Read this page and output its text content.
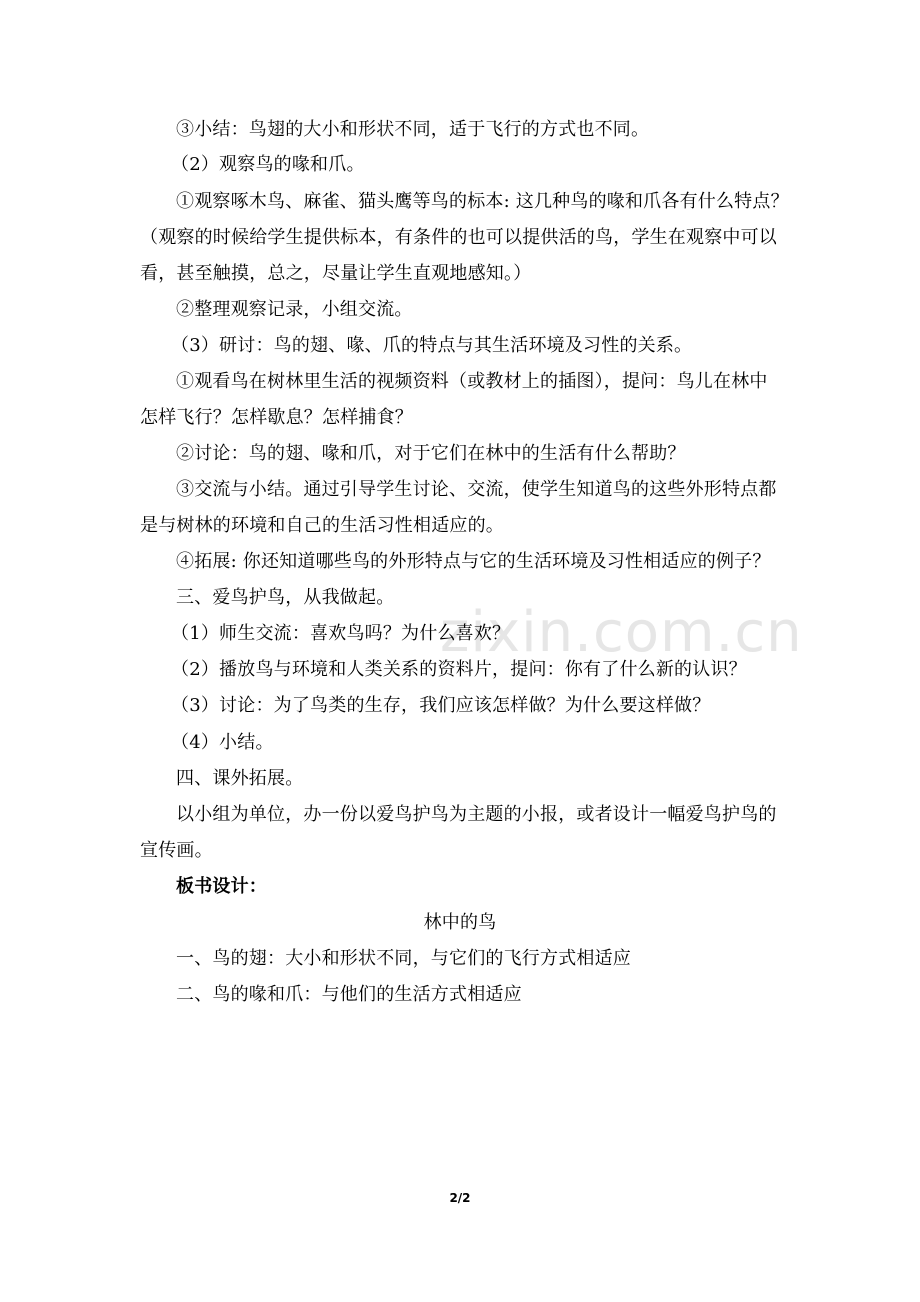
zixin.com.cn
③小结：鸟翅的大小和形状不同，适于飞行的方式也不同。
（2）观察鸟的喙和爪。
①观察啄木鸟、麻雀、猫头鹰等鸟的标本: 这几种鸟的喙和爪各有什么特点？
（观察的时候给学生提供标本，有条件的也可以提供活的鸟，学生在观察中可以
看，甚至触摸，总之，尽量让学生直观地感知。）
②整理观察记录，小组交流。
（3）研讨：鸟的翅、喙、爪的特点与其生活环境及习性的关系。
①观看鸟在树林里生活的视频资料（或教材上的插图），提问：鸟儿在林中
怎样飞行？怎样歇息？怎样捕食？
②讨论：鸟的翅、喙和爪，对于它们在林中的生活有什么帮助？
③交流与小结。通过引导学生讨论、交流，使学生知道鸟的这些外形特点都
是与树林的环境和自己的生活习性相适应的。
④拓展: 你还知道哪些鸟的外形特点与它的生活环境及习性相适应的例子？
三、爱鸟护鸟，从我做起。
（1）师生交流：喜欢鸟吗？为什么喜欢？
（2）播放鸟与环境和人类关系的资料片，提问：你有了什么新的认识？
（3）讨论：为了鸟类的生存，我们应该怎样做？为什么要这样做？
（4）小结。
四、课外拓展。
以小组为单位，办一份以爱鸟护鸟为主题的小报，或者设计一幅爱鸟护鸟的
宣传画。
板书设计：
林中的鸟
一、鸟的翅：大小和形状不同，与它们的飞行方式相适应
二、鸟的喙和爪：与他们的生活方式相适应
2/2
